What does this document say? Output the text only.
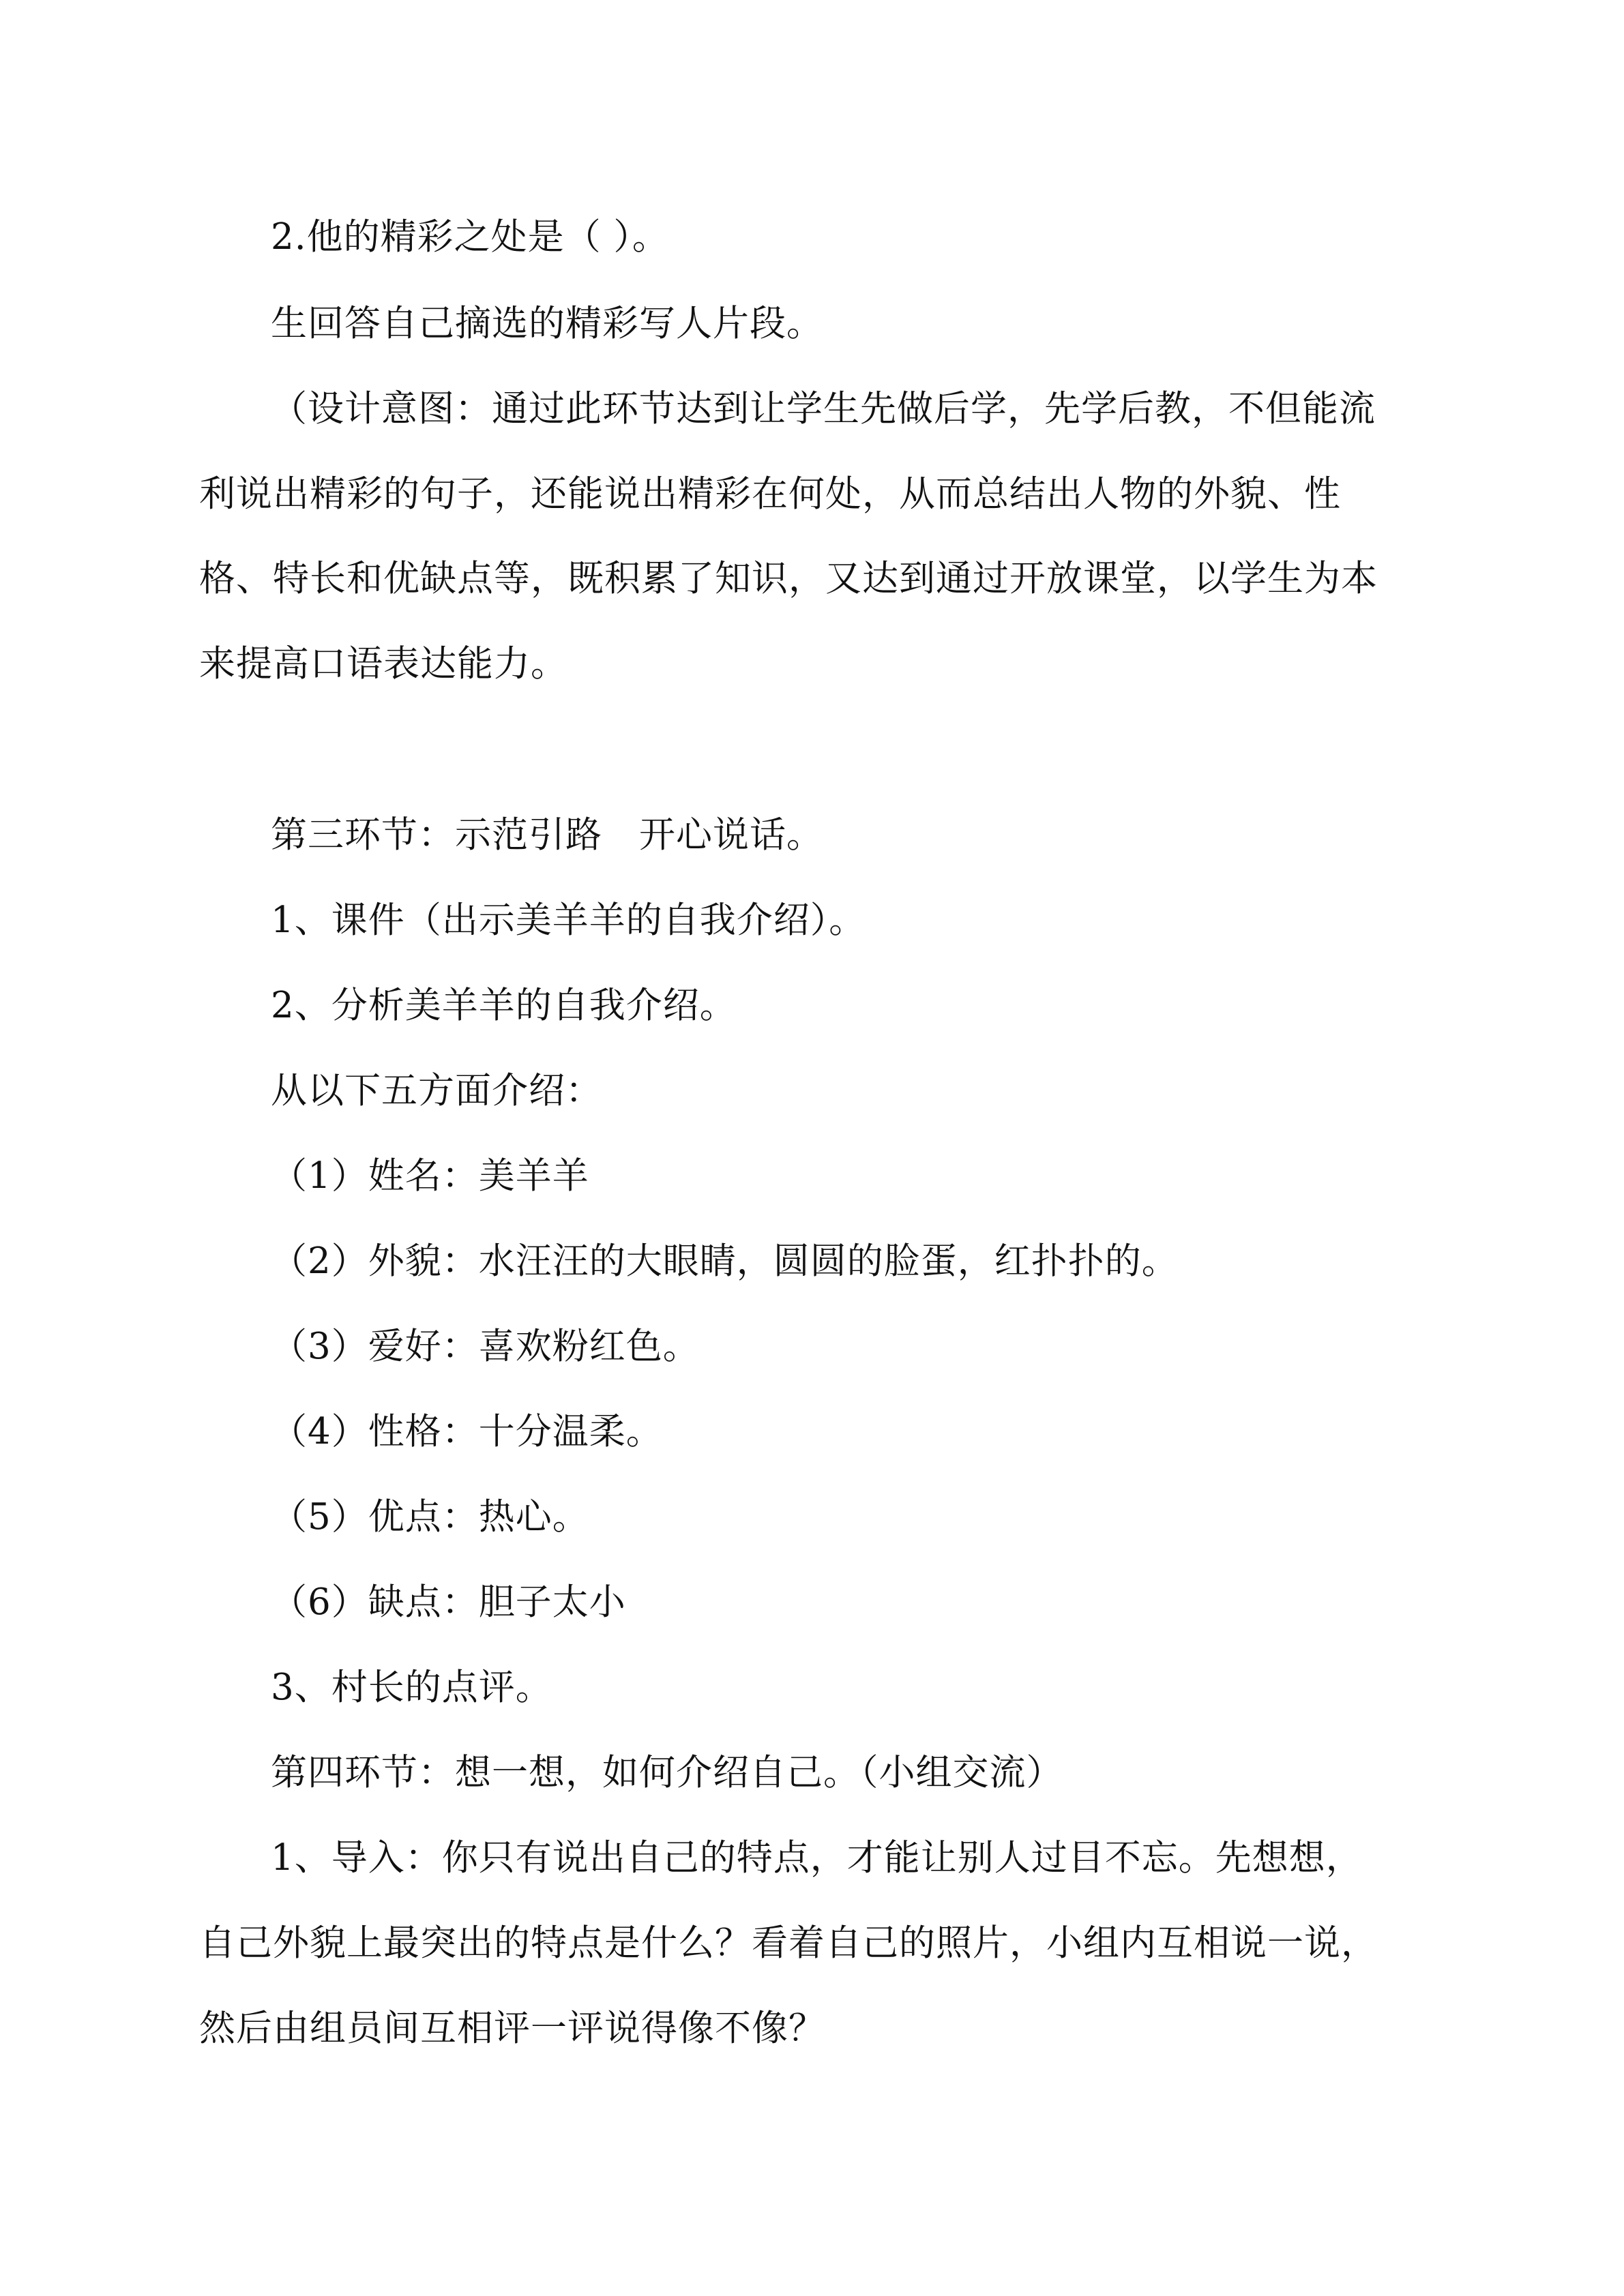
2.他的精彩之处是（ ）。
生回答自己摘选的精彩写人片段。
（设计意图：通过此环节达到让学生先做后学，先学后教，不但能流
利说出精彩的句子，还能说出精彩在何处，从而总结出人物的外貌、性
格、特长和优缺点等，既积累了知识，又达到通过开放课堂，以学生为本
来提高口语表达能力。
第三环节：示范引路　开心说话。
1、课件（出示美羊羊的自我介绍）。
2、分析美羊羊的自我介绍。
从以下五方面介绍：
（1）姓名：美羊羊
（2）外貌：水汪汪的大眼睛，圆圆的脸蛋，红扑扑的。
（3）爱好：喜欢粉红色。
（4）性格：十分温柔。
（5）优点：热心。
（6）缺点：胆子太小
3、村长的点评。
第四环节：想一想，如何介绍自己。（小组交流）
1、导入：你只有说出自己的特点，才能让别人过目不忘。先想想，
自己外貌上最突出的特点是什么？看着自己的照片，小组内互相说一说，
然后由组员间互相评一评说得像不像？
